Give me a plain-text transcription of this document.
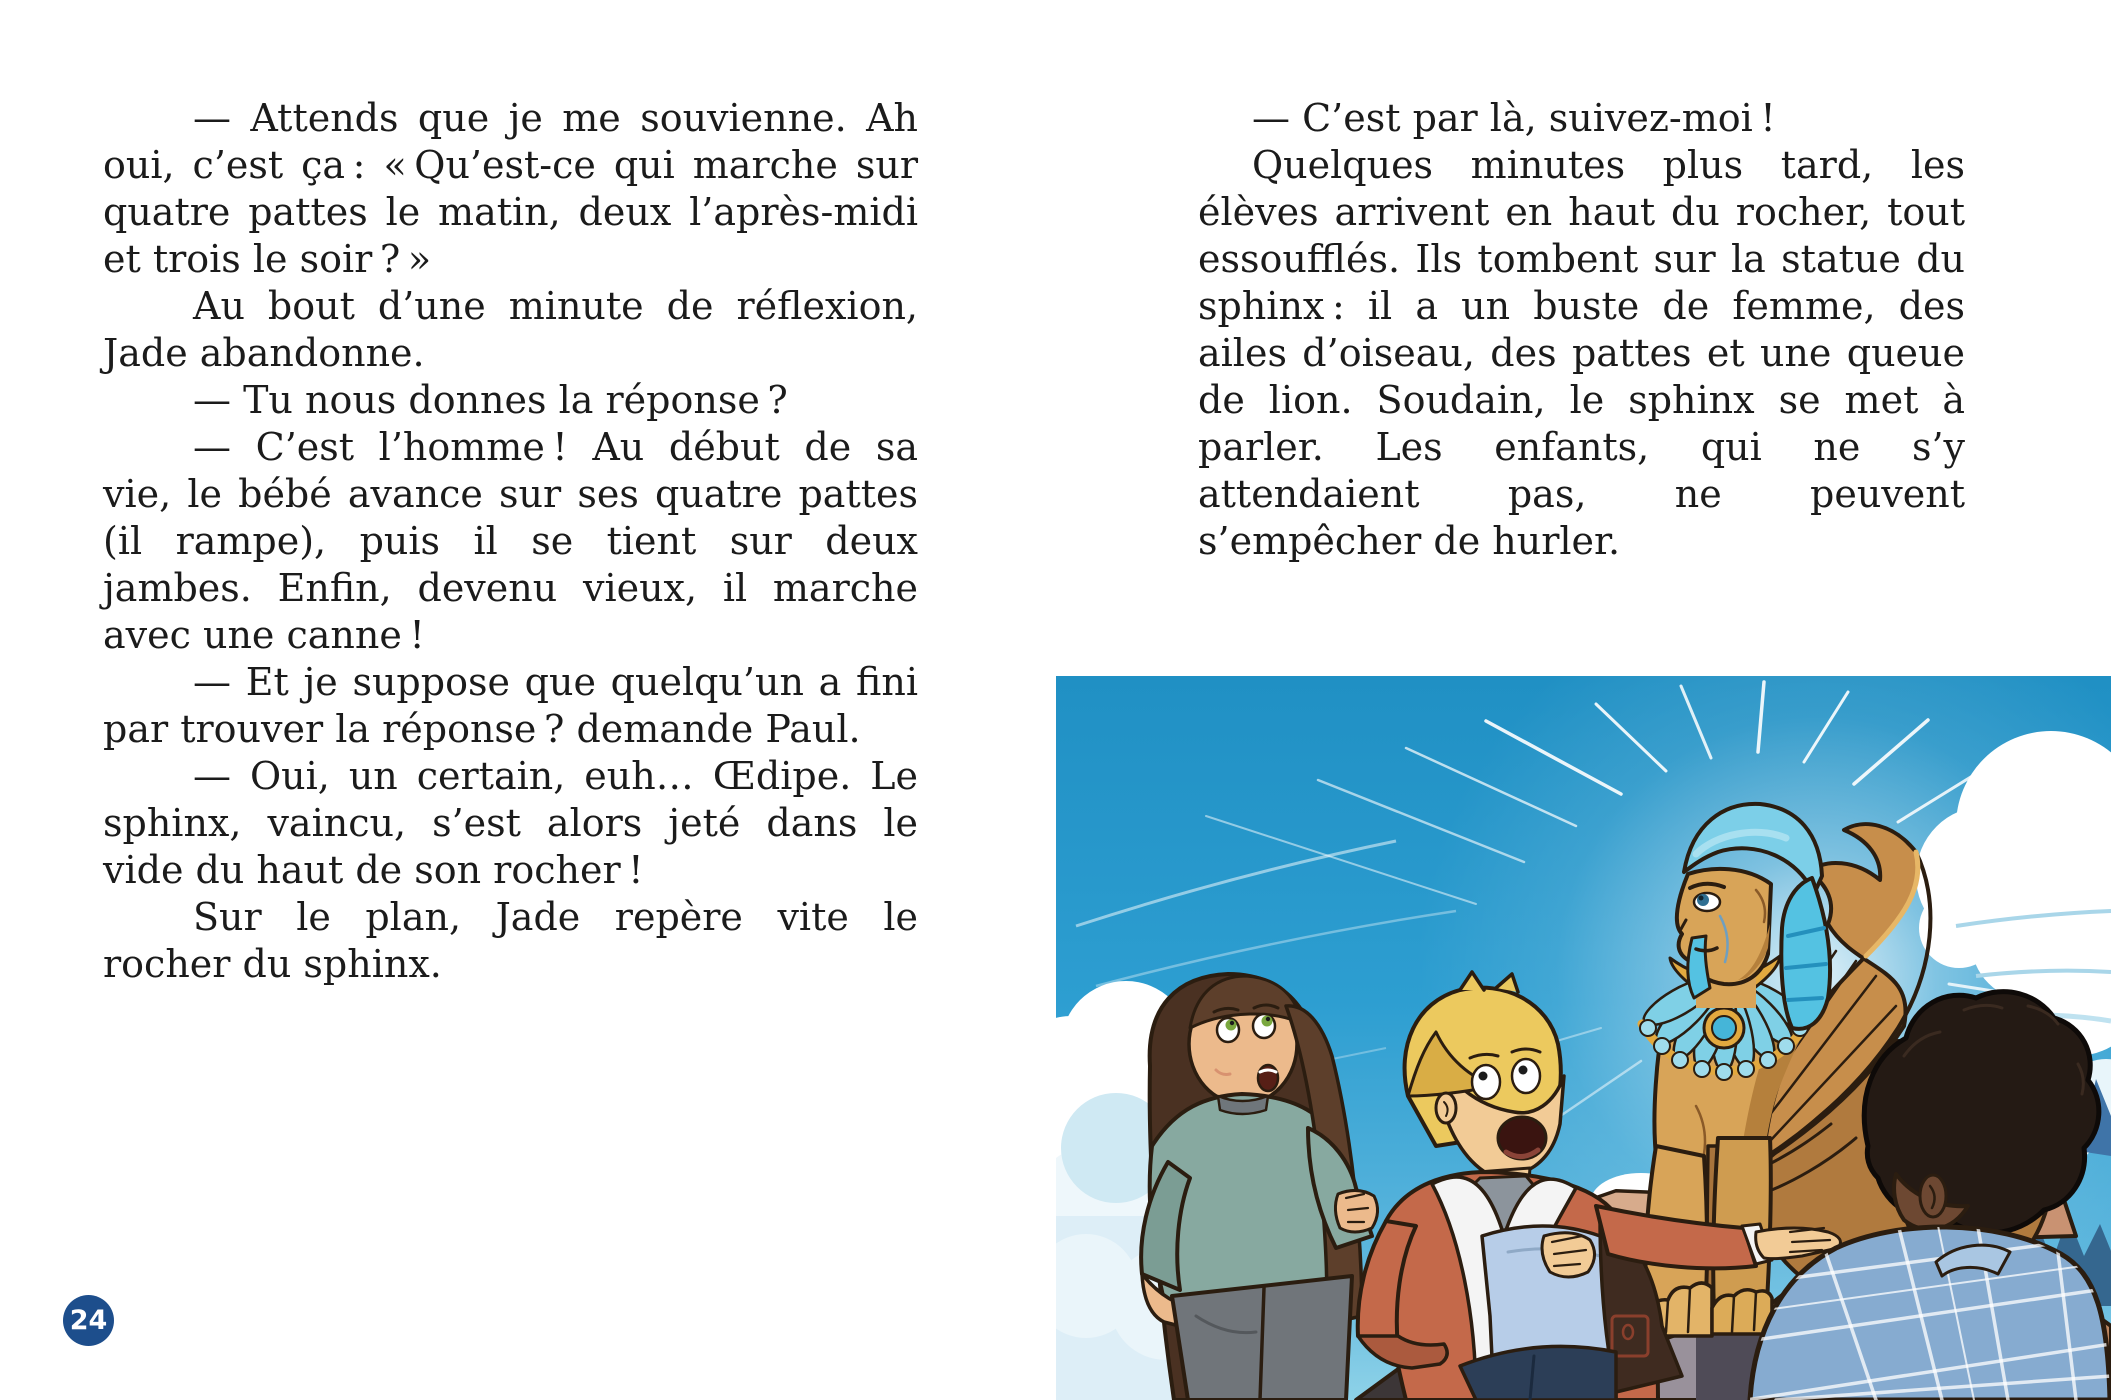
— Attends que je me souvienne. Ah oui, c’est ça : « Qu’est-ce qui marche sur quatre pattes le matin, deux l’après-midi et trois le soir ? »

Au bout d’une minute de réflexion, Jade abandonne.

— Tu nous donnes la réponse ?

— C’est l’homme ! Au début de sa vie, le bébé avance sur ses quatre pattes (il rampe), puis il se tient sur deux jambes. Enfin, devenu vieux, il marche avec une canne !

— Et je suppose que quelqu’un a fini par trouver la réponse ? demande Paul.

— Oui, un certain, euh… Œdipe. Le sphinx, vaincu, s’est alors jeté dans le vide du haut de son rocher !

Sur le plan, Jade repère vite le rocher du sphinx.

— C’est par là, suivez-moi !

Quelques minutes plus tard, les élèves arrivent en haut du rocher, tout essoufflés. Ils tombent sur la statue du sphinx : il a un buste de femme, des ailes d’oiseau, des pattes et une queue de lion. Soudain, le sphinx se met à parler. Les enfants, qui ne s’y attendaient pas, ne peuvent s’empêcher de hurler.

24
